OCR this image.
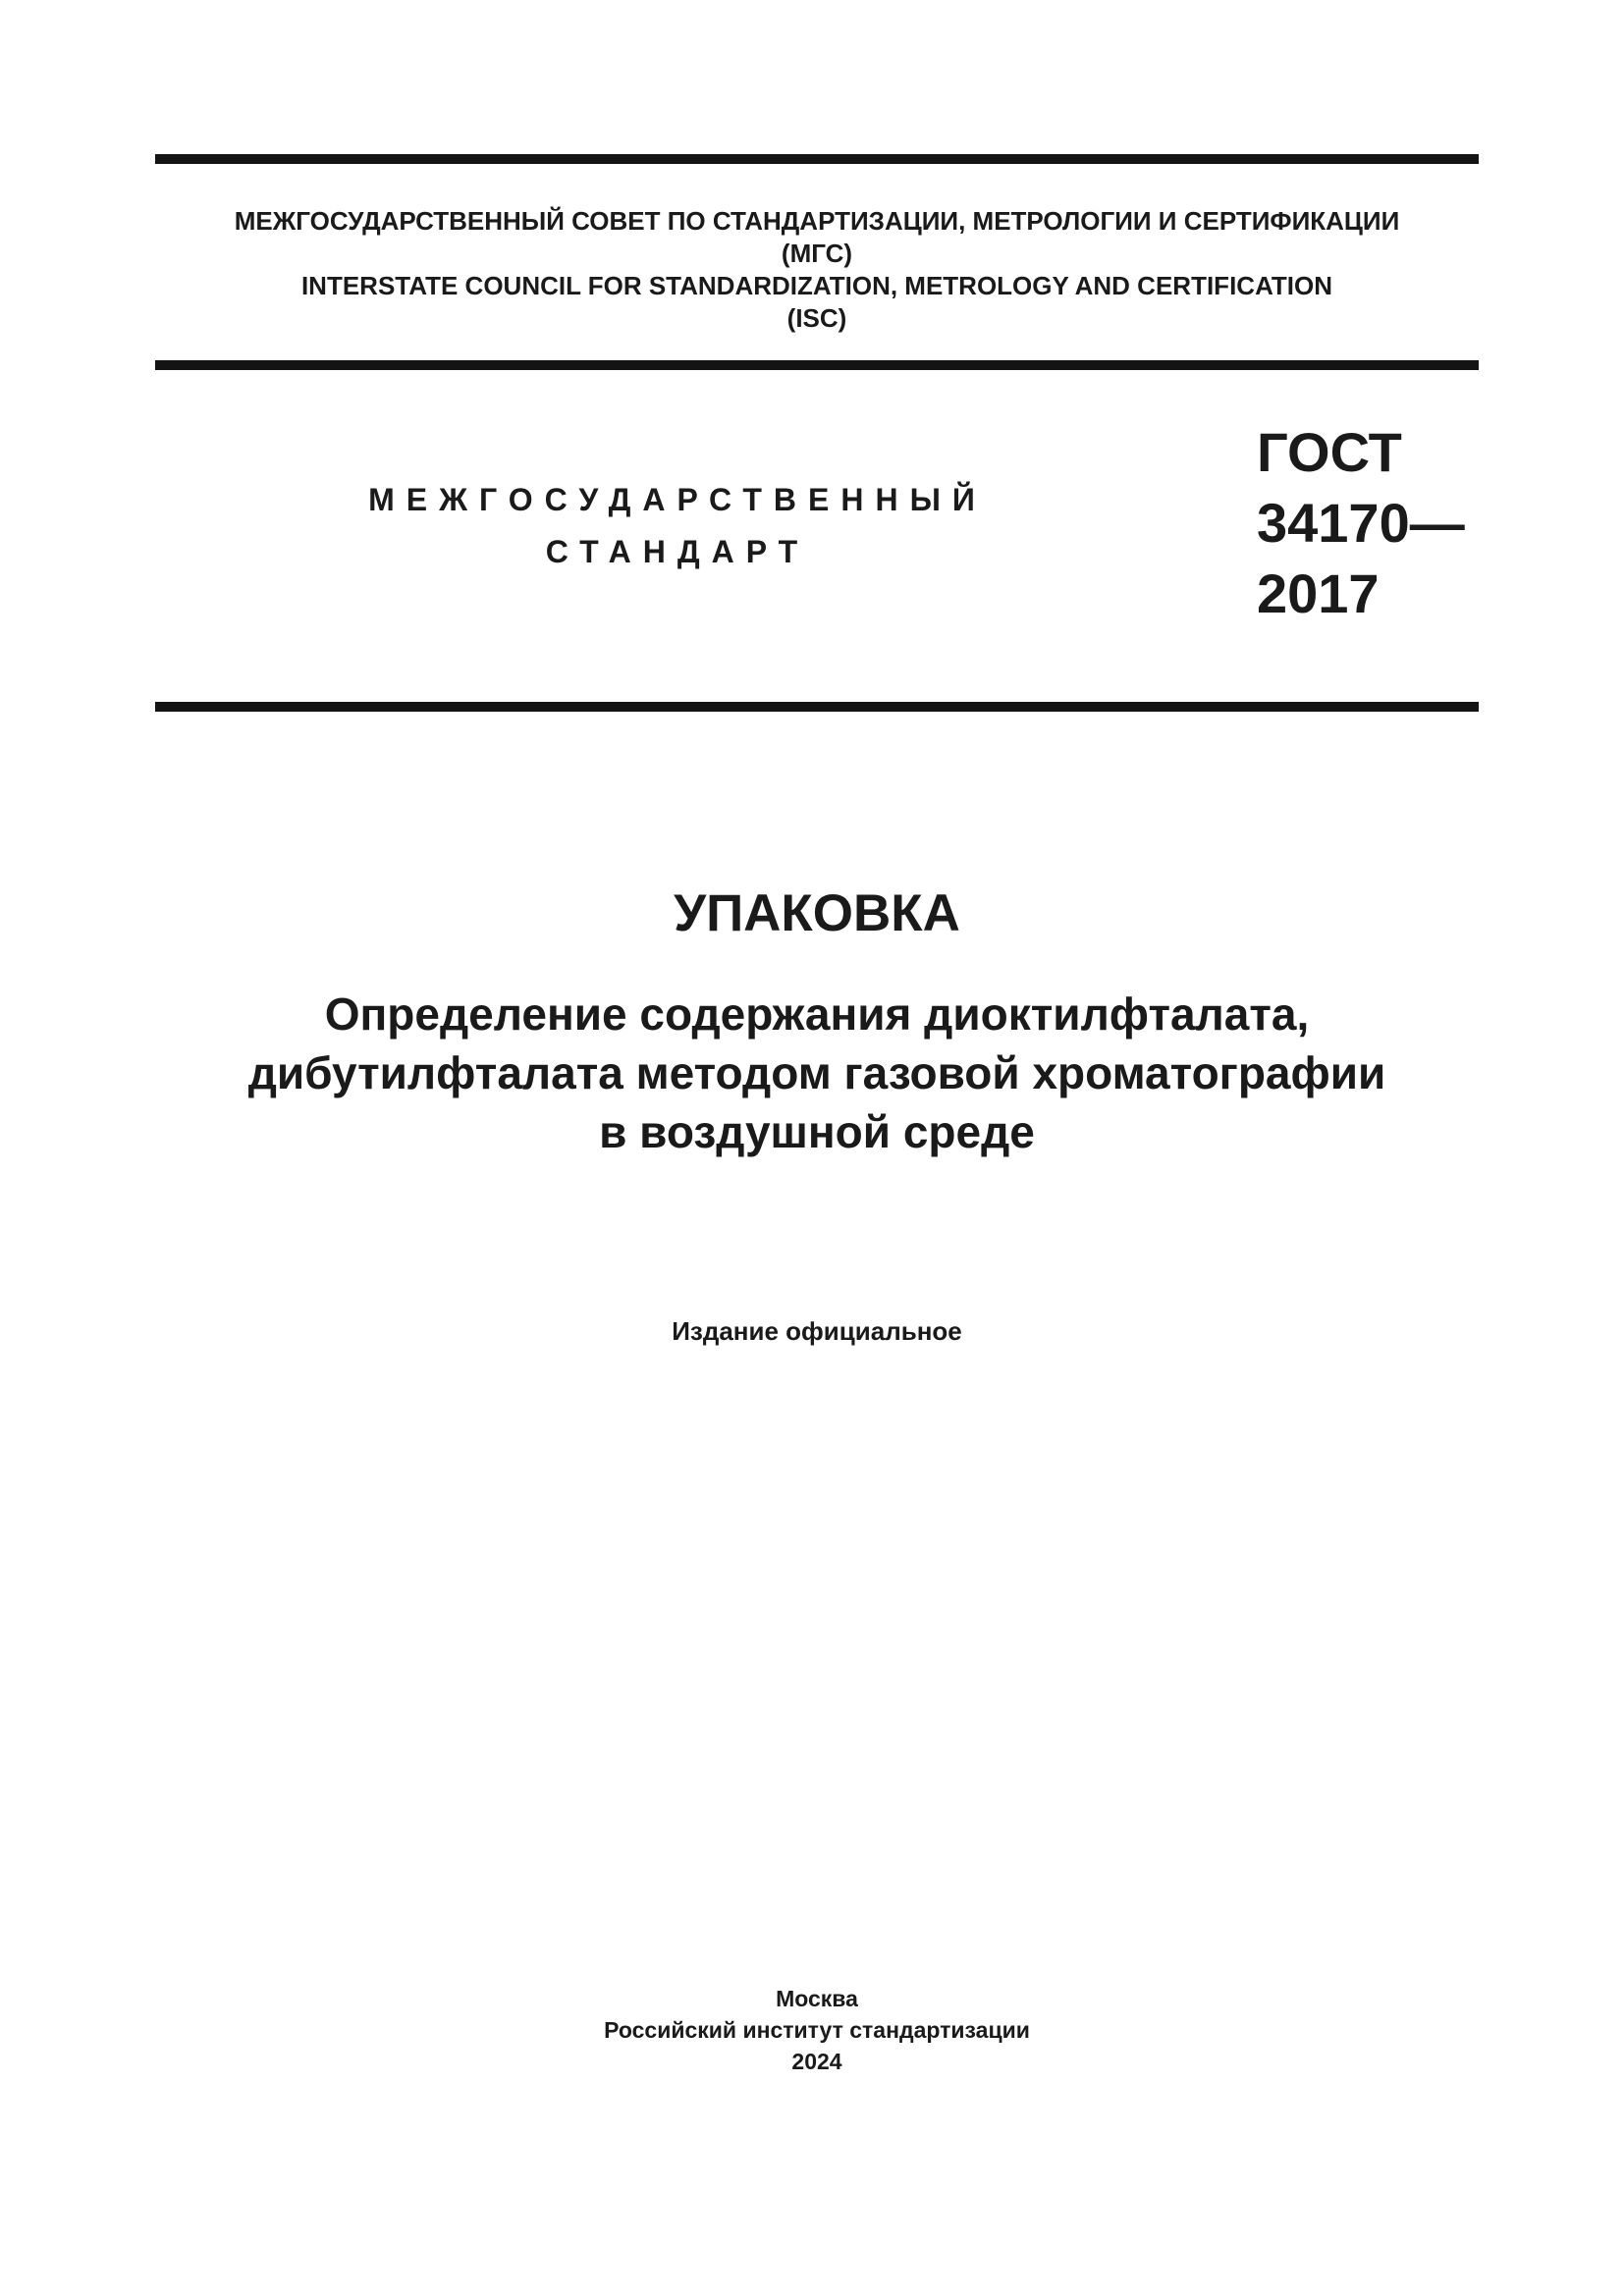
МЕЖГОСУДАРСТВЕННЫЙ СОВЕТ ПО СТАНДАРТИЗАЦИИ, МЕТРОЛОГИИ И СЕРТИФИКАЦИИ
(МГС)
INTERSTATE COUNCIL FOR STANDARDIZATION, METROLOGY AND CERTIFICATION
(ISC)
МЕЖГОСУДАРСТВЕННЫЙ
СТАНДАРТ
ГОСТ
34170—
2017
УПАКОВКА
Определение содержания диоктилфталата,
дибутилфталата методом газовой хроматографии
в воздушной среде
Издание официальное
Москва
Российский институт стандартизации
2024
